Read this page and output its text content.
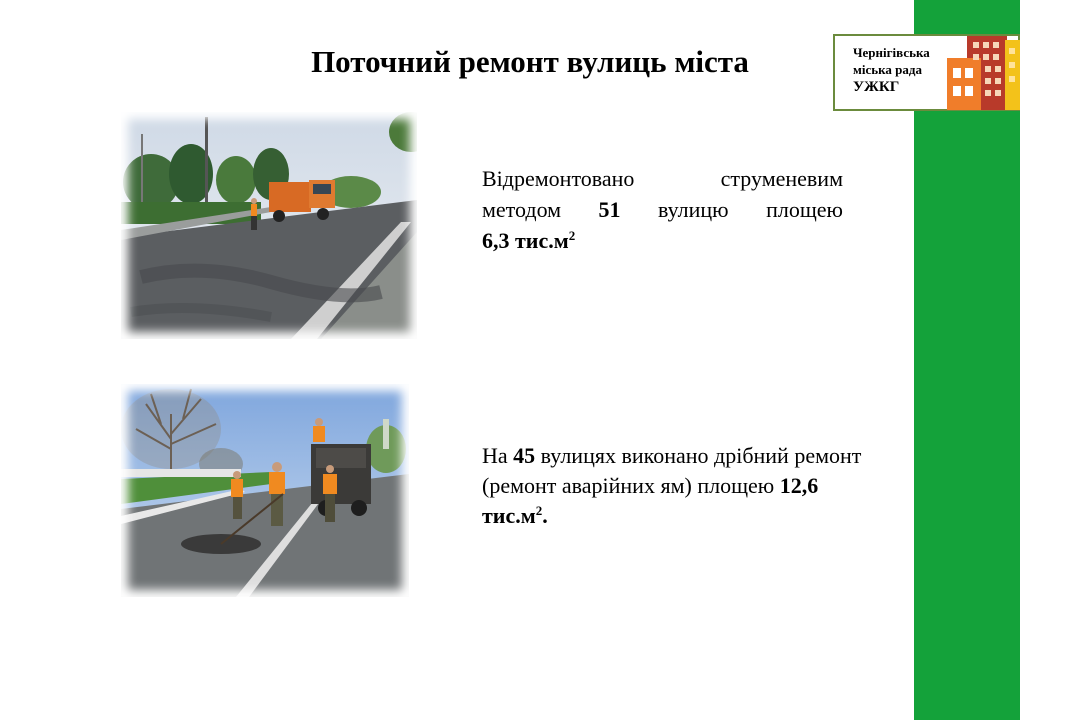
Чернігівська
міська рада
УЖКГ
Поточний ремонт вулиць міста
Відремонтовано	струменевим
методом 51 вулицю площею
6,3 $тис.м^2$
На 45 вулицях виконано дрібний ремонт (ремонт аварійних ям) площею 12,6 $тис.м^2$.
